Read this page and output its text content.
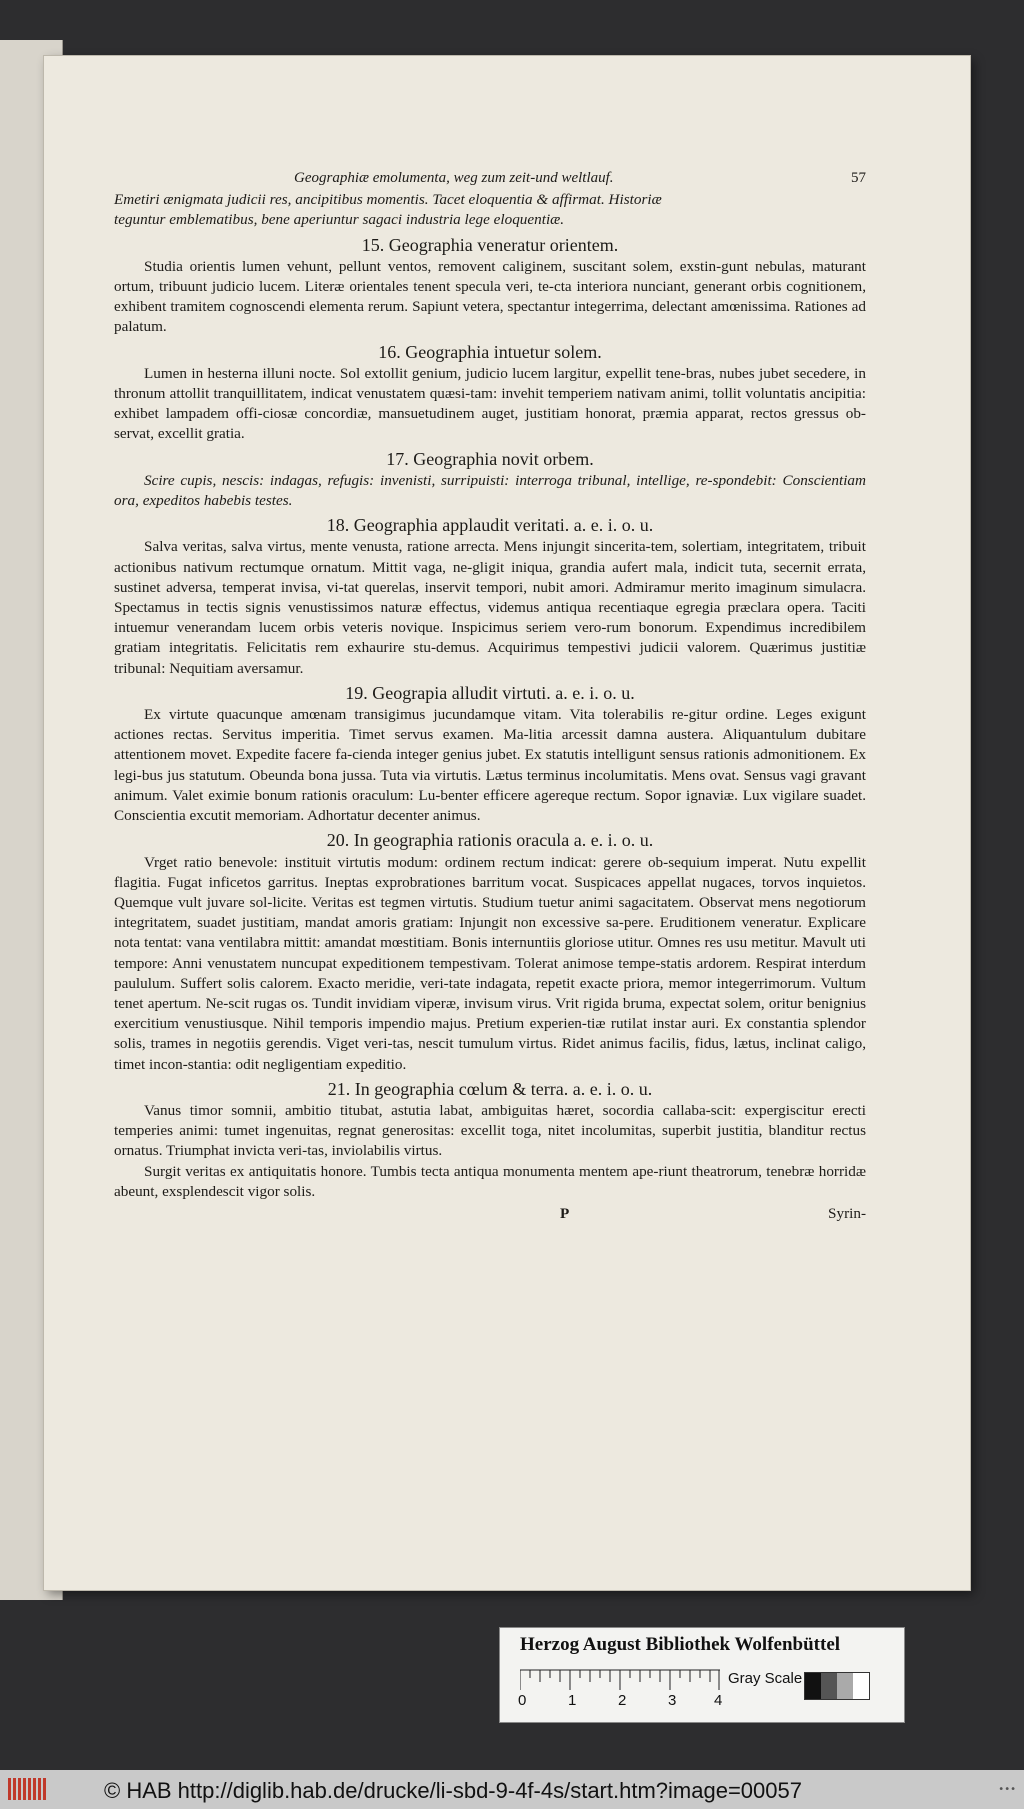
Geographiæ emolumenta, weg zum zeit-und weltlauf.	57

Emetiri ænigmata judicii res, ancipitibus momentis. Tacet eloquentia & affirmat. Historiæ

teguntur emblematibus, bene aperiuntur sagaci industria lege eloquentiæ.

15. Geographia veneratur orientem.

Studia orientis lumen vehunt, pellunt ventos, removent caliginem, suscitant solem, exstin-gunt nebulas, maturant ortum, tribuunt judicio lucem. Literæ orientales tenent specula veri, te-cta interiora nunciant, generant orbis cognitionem, exhibent tramitem cognoscendi elementa rerum. Sapiunt vetera, spectantur integerrima, delectant amœnissima. Rationes ad palatum.

16. Geographia intuetur solem.

Lumen in hesterna illuni nocte. Sol extollit genium, judicio lucem largitur, expellit tene-bras, nubes jubet secedere, in thronum attollit tranquillitatem, indicat venustatem quæsi-tam: invehit temperiem nativam animi, tollit voluntatis ancipitia: exhibet lampadem offi-ciosæ concordiæ, mansuetudinem auget, justitiam honorat, præmia apparat, rectos gressus ob-servat, excellit gratia.

17. Geographia novit orbem.

Scire cupis, nescis: indagas, refugis: invenisti, surripuisti: interroga tribunal, intellige, re-spondebit: Conscientiam ora, expeditos habebis testes.

18. Geographia applaudit veritati. a. e. i. o. u.

Salva veritas, salva virtus, mente venusta, ratione arrecta. Mens injungit sincerita-tem, solertiam, integritatem, tribuit actionibus nativum rectumque ornatum. Mittit vaga, ne-gligit iniqua, grandia aufert mala, indicit tuta, secernit errata, sustinet adversa, temperat invisa, vi-tat querelas, inservit tempori, nubit amori. Admiramur merito imaginum simulacra. Spectamus in tectis signis venustissimos naturæ effectus, videmus antiqua recentiaque egregia præclara opera. Taciti intuemur venerandam lucem orbis veteris novique. Inspicimus seriem vero-rum bonorum. Expendimus incredibilem gratiam integritatis. Felicitatis rem exhaurire stu-demus. Acquirimus tempestivi judicii valorem. Quærimus justitiæ tribunal: Nequitiam aversamur.

19. Geograpia alludit virtuti. a. e. i. o. u.

Ex virtute quacunque amœnam transigimus jucundamque vitam. Vita tolerabilis re-gitur ordine. Leges exigunt actiones rectas. Servitus imperitia. Timet servus examen. Ma-litia arcessit damna austera. Aliquantulum dubitare attentionem movet. Expedite facere fa-cienda integer genius jubet. Ex statutis intelligunt sensus rationis admonitionem. Ex legi-bus jus statutum. Obeunda bona jussa. Tuta via virtutis. Lætus terminus incolumitatis. Mens ovat. Sensus vagi gravant animum. Valet eximie bonum rationis oraculum: Lu-benter efficere agereque rectum. Sopor ignaviæ. Lux vigilare suadet. Conscientia excutit memoriam. Adhortatur decenter animus.

20. In geographia rationis oracula a. e. i. o. u.

Vrget ratio benevole: instituit virtutis modum: ordinem rectum indicat: gerere ob-sequium imperat. Nutu expellit flagitia. Fugat inficetos garritus. Ineptas exprobrationes barritum vocat. Suspicaces appellat nugaces, torvos inquietos. Quemque vult juvare sol-licite. Veritas est tegmen virtutis. Studium tuetur animi sagacitatem. Observat mens negotiorum integritatem, suadet justitiam, mandat amoris gratiam: Injungit non excessive sa-pere. Eruditionem veneratur. Explicare nota tentat: vana ventilabra mittit: amandat mœstitiam. Bonis internuntiis gloriose utitur. Omnes res usu metitur. Mavult uti tempore: Anni venustatem nuncupat expeditionem tempestivam. Tolerat animose tempe-statis ardorem. Respirat interdum paululum. Suffert solis calorem. Exacto meridie, veri-tate indagata, repetit exacte priora, memor integerrimorum. Vultum tenet apertum. Ne-scit rugas os. Tundit invidiam viperæ, invisum virus. Vrit rigida bruma, expectat solem, oritur benignius exercitium venustiusque. Nihil temporis impendio majus. Pretium experien-tiæ rutilat instar auri. Ex constantia splendor solis, trames in negotiis gerendis. Viget veri-tas, nescit tumulum virtus. Ridet animus facilis, fidus, lætus, inclinat caligo, timet incon-stantia: odit negligentiam expeditio.

21. In geographia cœlum & terra. a. e. i. o. u.

Vanus timor somnii, ambitio titubat, astutia labat, ambiguitas hæret, socordia callaba-scit: expergiscitur erecti temperies animi: tumet ingenuitas, regnat generositas: excellit toga, nitet incolumitas, superbit justitia, blanditur rectus ornatus. Triumphat invicta veri-tas, inviolabilis virtus.

Surgit veritas ex antiquitatis honore. Tumbis tecta antiqua monumenta mentem ape-riunt theatrorum, tenebræ horridæ abeunt, exsplendescit vigor solis.

P	Syrin-
Herzog August Bibliothek Wolfenbüttel
0	1	2	3	4
Gray Scale
© HAB http://diglib.hab.de/drucke/li-sbd-9-4f-4s/start.htm?image=00057	•••
